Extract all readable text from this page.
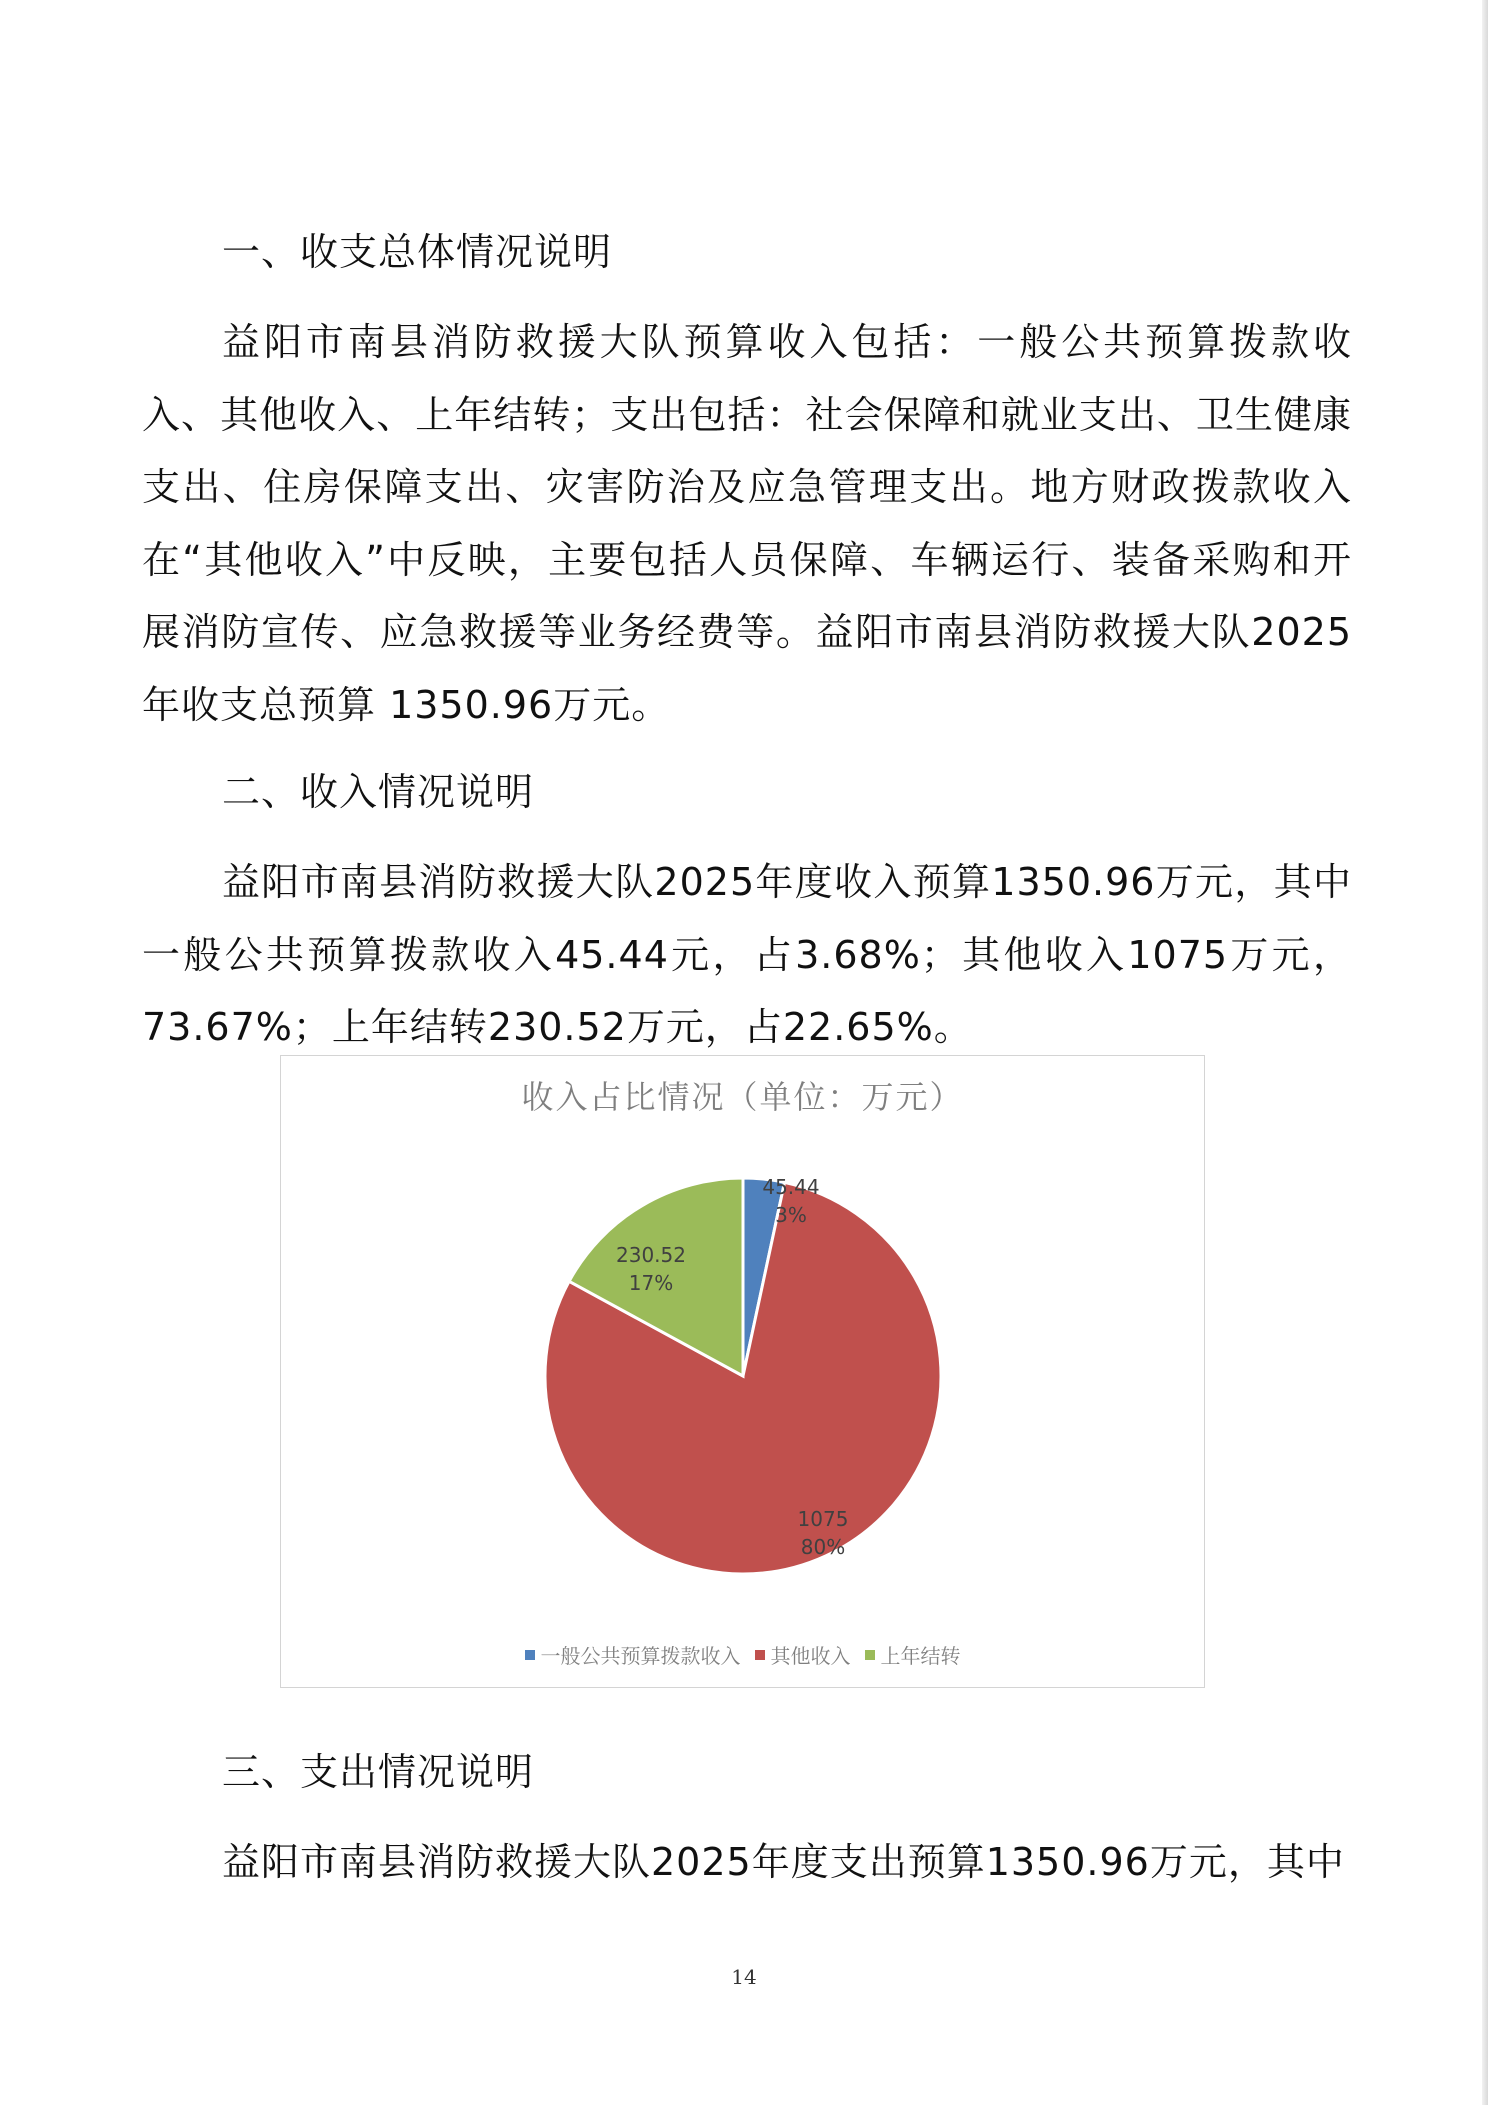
一、收支总体情况说明
益阳市南县消防救援大队预算收入包括：一般公共预算拨款收入、其他收入、上年结转；支出包括：社会保障和就业支出、卫生健康支出、住房保障支出、灾害防治及应急管理支出。地方财政拨款收入在“其他收入”中反映，主要包括人员保障、车辆运行、装备采购和开展消防宣传、应急救援等业务经费等。益阳市南县消防救援大队2025年收支总预算 1350.96万元。
二、收入情况说明
益阳市南县消防救援大队2025年度收入预算1350.96万元，其中一般公共预算拨款收入45.44元，占3.68%；其他收入1075万元，73.67%；上年结转230.52万元，占22.65%。
收入占比情况（单位：万元）
45.44 3%
1075 80%
230.52 17%
一般公共预算拨款收入 其他收入 上年结转
三、支出情况说明
益阳市南县消防救援大队2025年度支出预算1350.96万元，其中
14
